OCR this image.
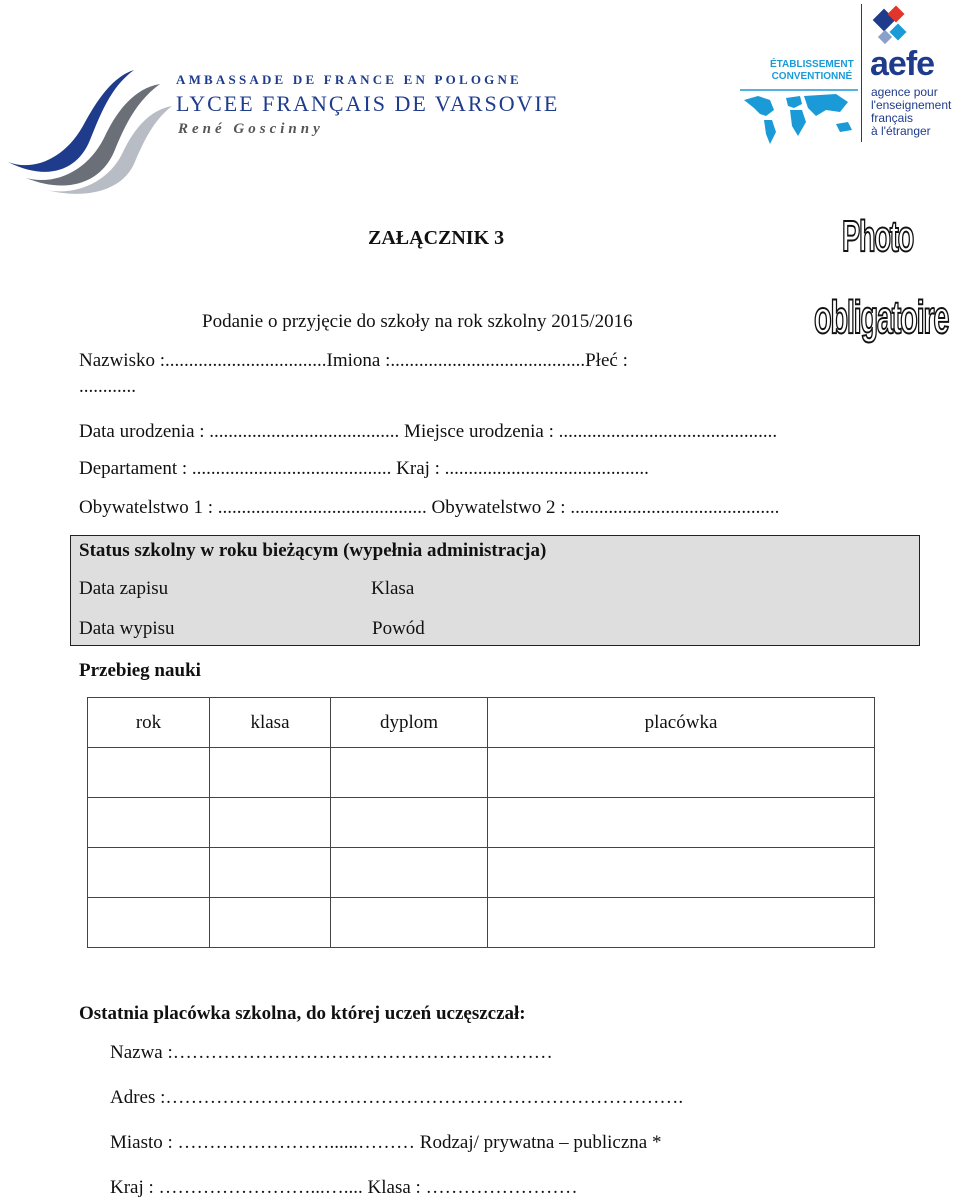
AMBASSADE DE FRANCE EN POLOGNE
LYCEE FRANÇAIS DE VARSOVIE
René Goscinny
ÉTABLISSEMENT
CONVENTIONNÉ aefe
agence pour
l'enseignement
français
à l'étranger
Photo
obligatoire
ZAŁĄCZNIK 3
Podanie o przyjęcie do szkoły na rok szkolny 2015/2016
Nazwisko :..................................Imiona :.........................................Płeć :
............
Data urodzenia : ........................................ Miejsce urodzenia : ..............................................
Departament : .......................................... Kraj : ...........................................
Obywatelstwo 1 : ............................................ Obywatelstwo 2 : ............................................
Status szkolny w roku bieżącym (wypełnia administracja)
Data zapisu	Klasa
Data wypisu	Powód
Przebieg nauki
rok	klasa	dyplom	placówka

Ostatnia placówka szkolna, do której uczeń uczęszczał:
Nazwa :……………………………………………………
Adres :……………………………………………………………………….
Miasto : ……………………......……… Rodzaj/ prywatna – publiczna *
Kraj : ……………………...….... Klasa : ……………………
